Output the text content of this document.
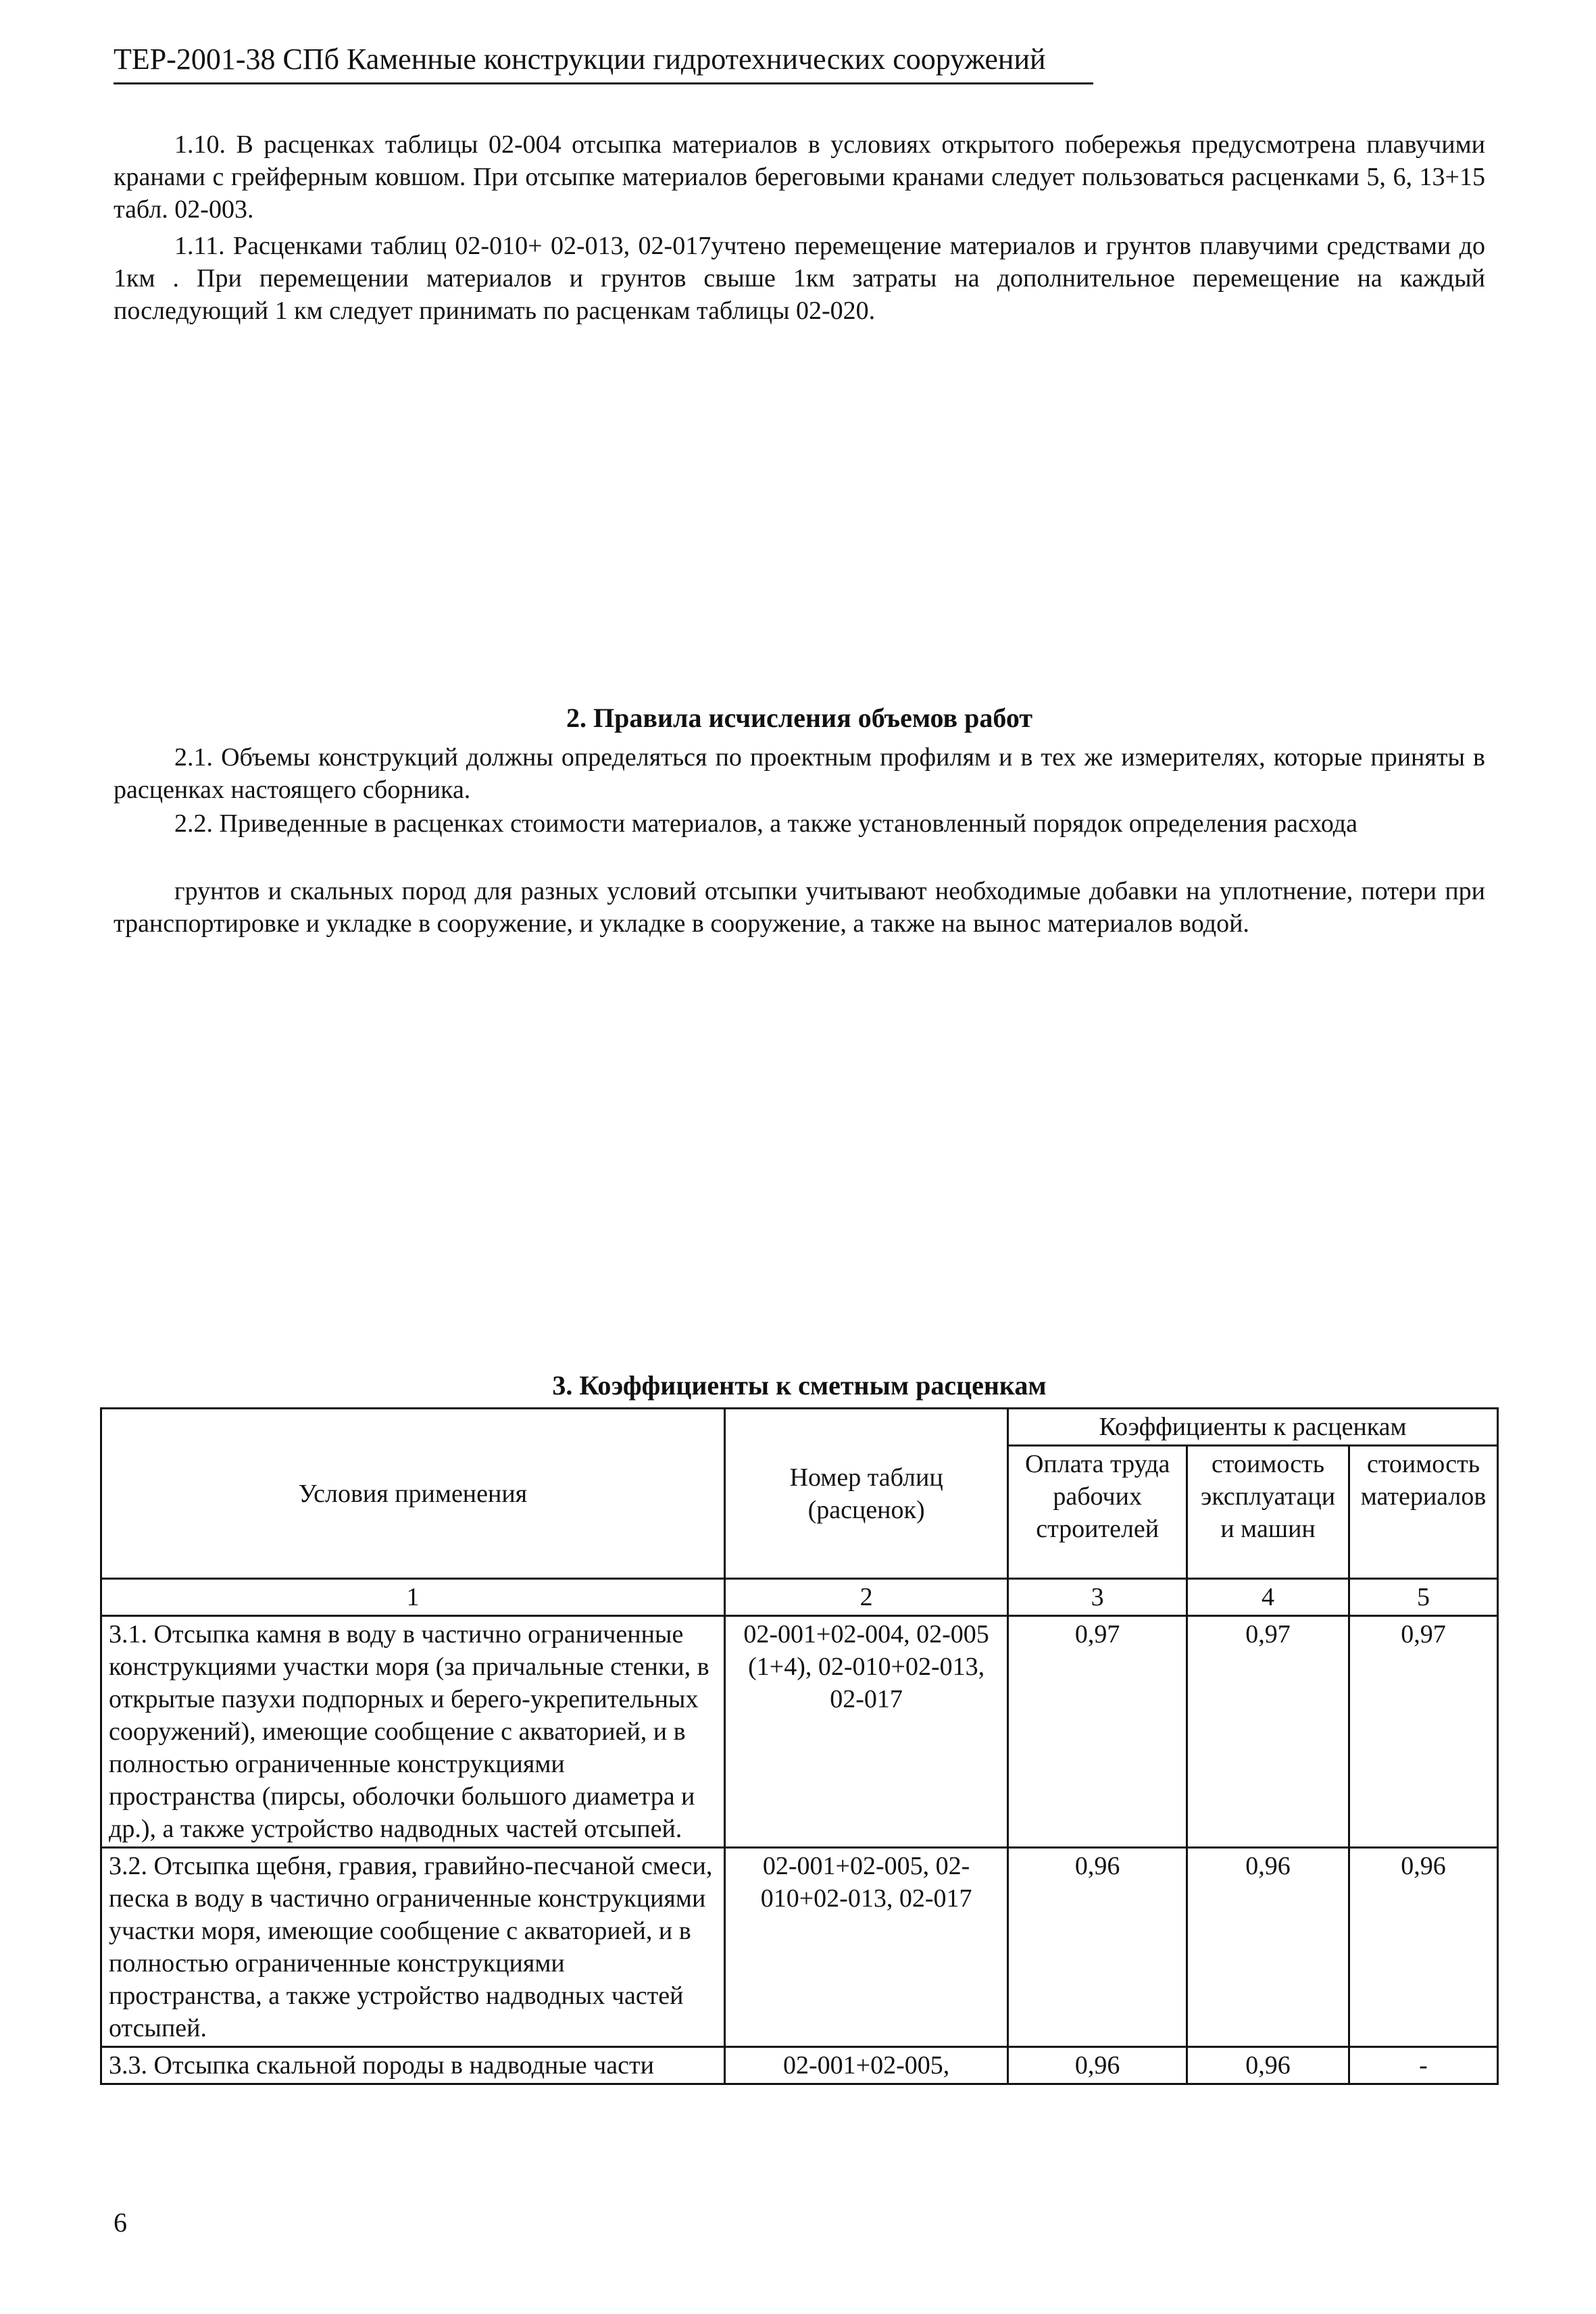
ТЕР-2001-38 СПб Каменные конструкции гидротехнических сооружений
1.10. В расценках таблицы 02-004 отсыпка материалов в условиях открытого побережья предусмотрена плавучими кранами с грейферным ковшом. При отсыпке материалов береговыми кранами следует пользоваться расценками 5, 6, 13+15 табл. 02-003.
1.11. Расценками таблиц 02-010+ 02-013, 02-017учтено перемещение материалов и грунтов плавучими средствами до 1км . При перемещении материалов и грунтов свыше 1км затраты на дополнительное перемещение на каждый последующий 1 км следует принимать по расценкам таблицы 02-020.
2. Правила исчисления объемов работ
2.1. Объемы конструкций должны определяться по проектным профилям и в тех же измерителях, которые приняты в расценках настоящего сборника.
2.2. Приведенные в расценках стоимости материалов, а также установленный порядок определения расхода
грунтов и скальных пород для разных условий отсыпки учитывают необходимые добавки на уплотнение, потери при транспортировке и укладке в сооружение, и укладке в сооружение, а также на вынос материалов водой.
3. Коэффициенты к сметным расценкам
Условия применения	Номер таблиц (расценок)	Коэффициенты к расценкам		
		Оплата труда рабочих строителей	стоимость эксплуатаци и машин	стоимость материалов
1	2	3	4	5
3.1. Отсыпка камня в воду в частично ограниченные конструкциями участки моря (за причальные стенки, в открытые пазухи подпорных и берего-укрепительных сооружений), имеющие сообщение с акваторией, и в полностью ограниченные конструкциями пространства (пирсы, оболочки большого диаметра и др.), а также устройство надводных частей отсыпей.	02-001+02-004, 02-005 (1+4), 02-010+02-013, 02-017	0,97	0,97	0,97
3.2. Отсыпка щебня, гравия, гравийно-песчаной смеси, песка в воду в частично ограниченные конструкциями участки моря, имеющие сообщение с акваторией, и в полностью ограниченные конструкциями пространства, а также устройство надводных частей отсыпей.	02-001+02-005, 02-010+02-013, 02-017	0,96	0,96	0,96
3.3. Отсыпка скальной породы в надводные части	02-001+02-005,	0,96	0,96	-
6
